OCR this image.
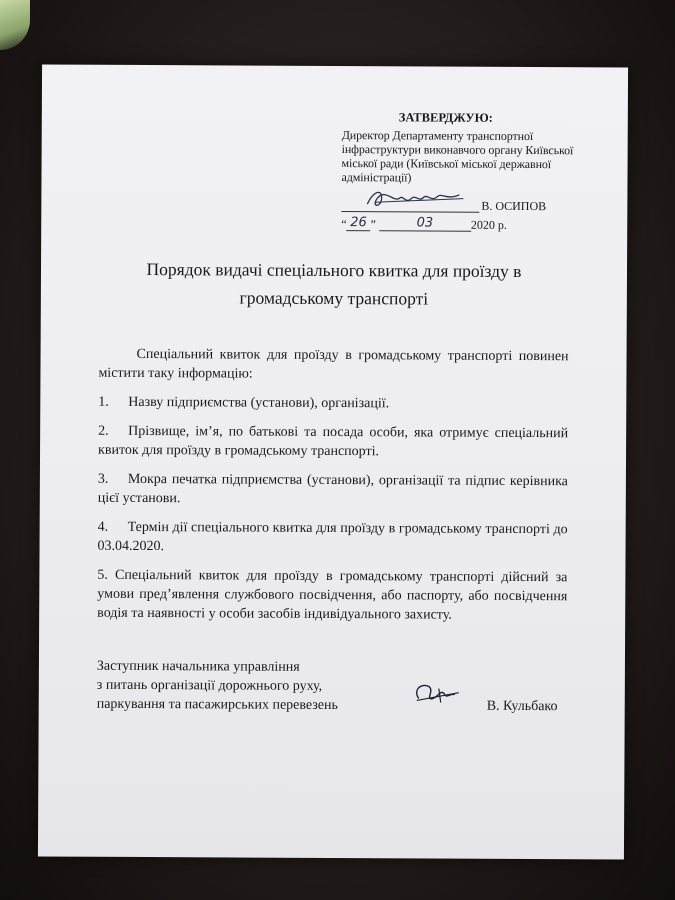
ЗАТВЕРДЖУЮ:
Директор Департаменту транспортної інфраструктури виконавчого органу Київської міської ради (Київської міської державної адміністрації)
В. ОСИПОВ
“ 26 ”	03	2020 р.
Порядок видачі спеціального квитка для проїзду в
громадському транспорті

Спеціальний квиток для проїзду в громадському транспорті повинен містити таку інформацію:

1. Назву підприємства (установи), організації.

2. Прізвище, ім’я, по батькові та посада особи, яка отримує спеціальний квиток для проїзду в громадському транспорті.

3. Мокра печатка підприємства (установи), організації та підпис керівника цієї установи.

4. Термін дії спеціального квитка для проїзду в громадському транспорті до 03.04.2020.

5. Спеціальний квиток для проїзду в громадському транспорті дійсний за умови пред’явлення службового посвідчення, або паспорту, або посвідчення водія та наявності у особи засобів індивідуального захисту.

Заступник начальника управління
з питань організації дорожнього руху,
паркування та пасажирських перевезень	В. Кульбако
